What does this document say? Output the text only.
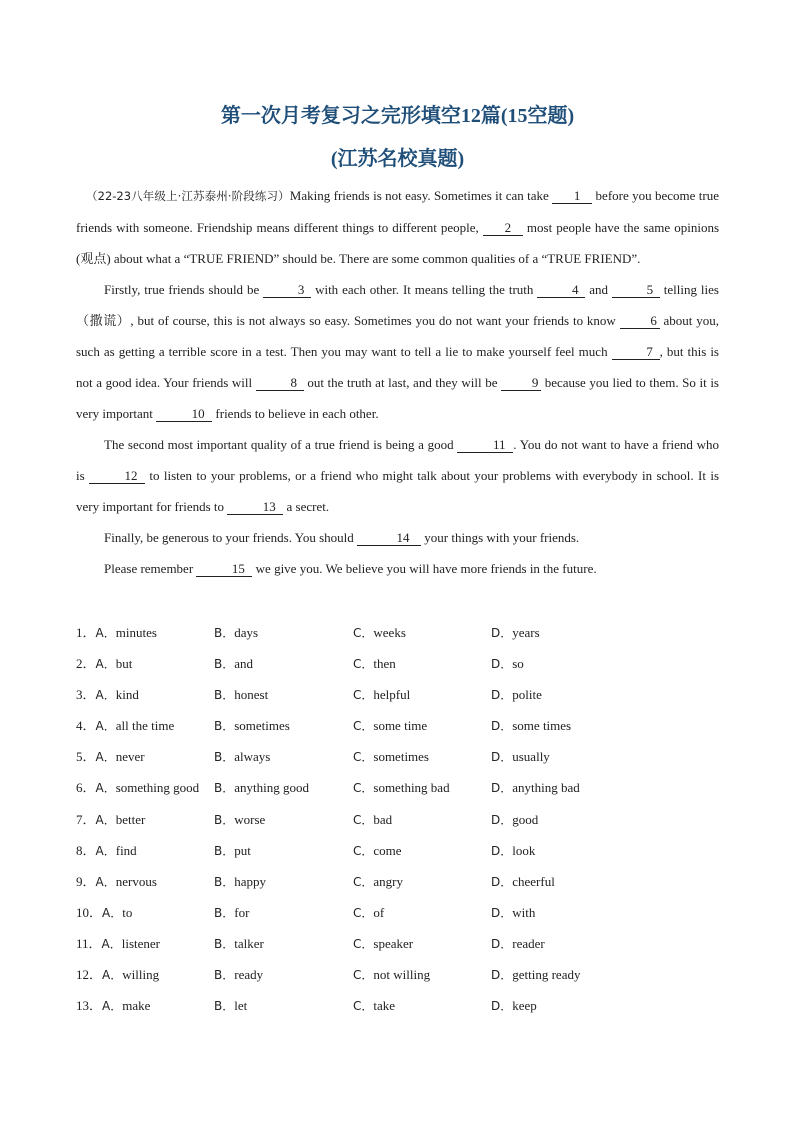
第一次月考复习之完形填空12篇(15空题)
(江苏名校真题)

（22-23八年级上·江苏泰州·阶段练习）Making friends is not easy. Sometimes it can take 1 before you become true friends with someone. Friendship means different things to different people, 2 most people have the same opinions (观点) about what a “TRUE FRIEND” should be. There are some common qualities of a “TRUE FRIEND”.

Firstly, true friends should be	3 with each other. It means telling the truth	4 and	5 telling lies（撒谎）, but of course, this is not always so easy. Sometimes you do not want your friends to know 6 about you, such as getting a terrible score in a test. Then you may want to tell a lie to make yourself feel much	7 , but this is not a good idea. Your friends will	8 out the truth at last, and they will be 9 because you lied to them. So it is very important	10 friends to believe in each other.

The second most important quality of a true friend is being a good	11 . You do not want to have a friend who is	12 to listen to your problems, or a friend who might talk about your problems with everybody in school. It is very important for friends to	13 a secret.

Finally, be generous to your friends. You should	14 your things with your friends.

Please remember	15 we give you. We believe you will have more friends in the future.

1．A．minutes	B．days	C．weeks	D．years
2．A．but	B．and	C．then	D．so
3．A．kind	B．honest	C．helpful	D．polite
4．A．all the time	B．sometimes	C．some time	D．some times
5．A．never	B．always	C．sometimes	D．usually
6．A．something good B．anything good	C．something bad	D．anything bad
7．A．better	B．worse	C．bad	D．good
8．A．find	B．put	C．come	D．look
9．A．nervous	B．happy	C．angry	D．cheerful
10．A．to	B．for	C．of	D．with
11．A．listener	B．talker	C．speaker	D．reader
12．A．willing	B．ready	C．not willing	D．getting ready
13．A．make	B．let	C．take	D．keep
